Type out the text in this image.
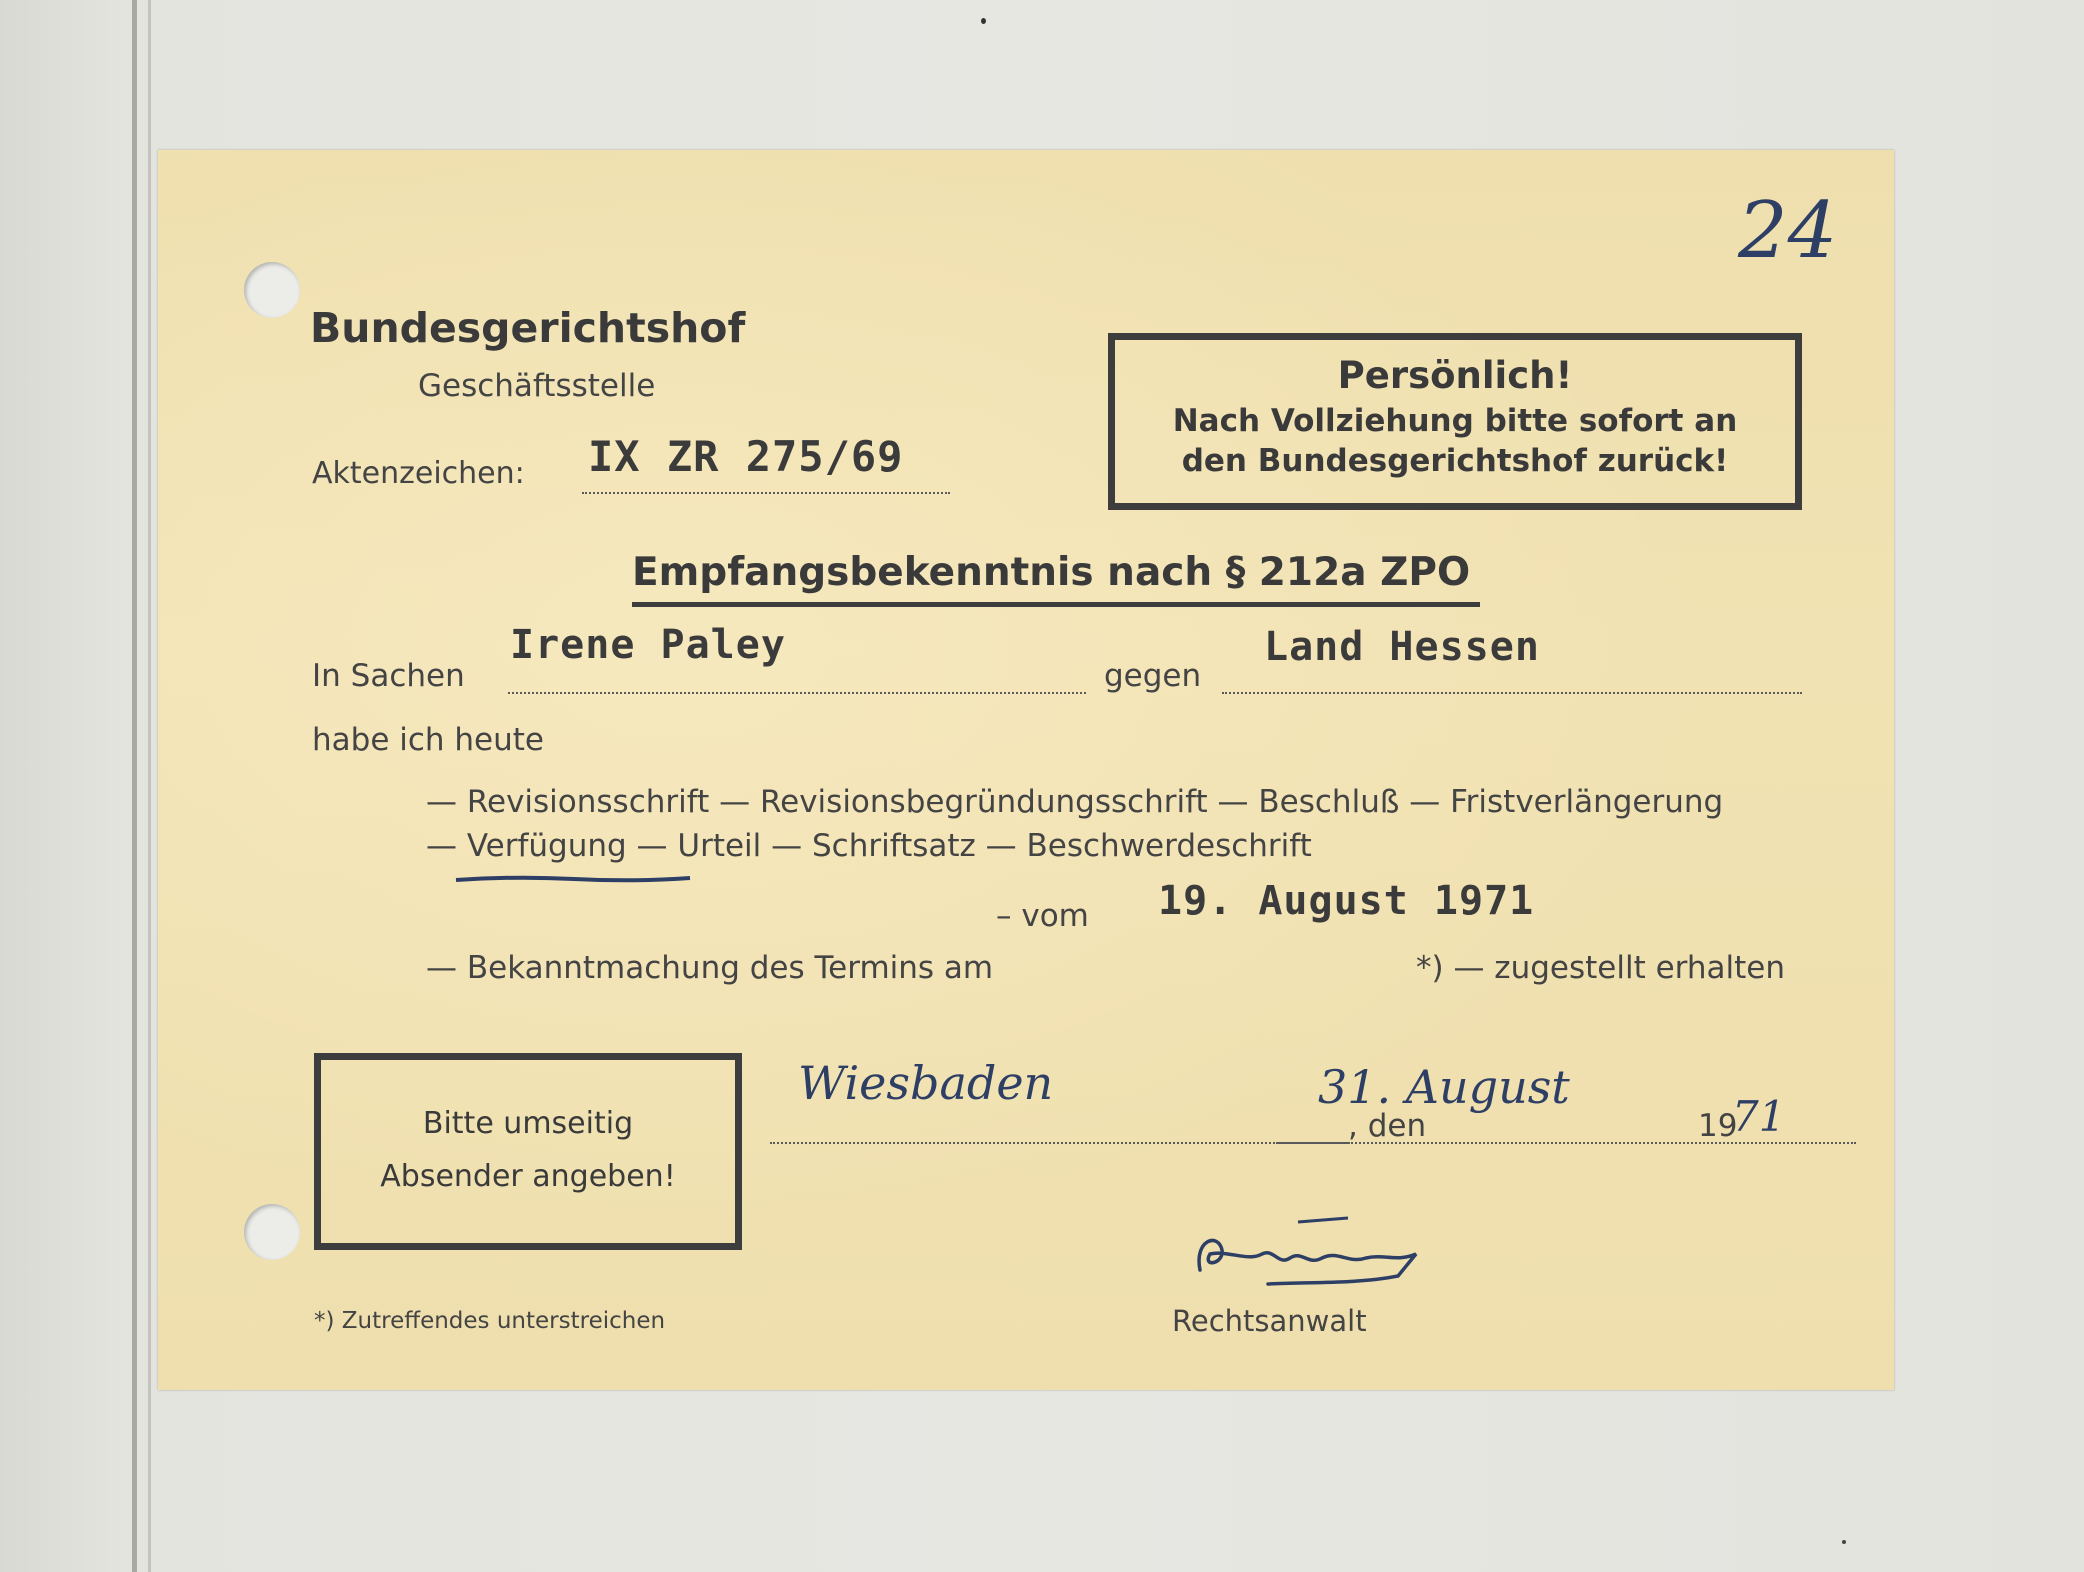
24
Bundesgerichtshof
Geschäftsstelle
Aktenzeichen: IX ZR 275/69
Persönlich!
Nach Vollziehung bitte sofort an
den Bundesgerichtshof zurück!
Empfangsbekenntnis nach § 212a ZPO
In Sachen
Irene Paley
gegen
Land Hessen
habe ich heute
— Revisionsschrift — Revisionsbegründungsschrift — Beschluß — Fristverlängerung
— Verfügung — Urteil — Schriftsatz — Beschwerdeschrift
– vom 19. August 1971
— Bekanntmachung des Termins am	*) — zugestellt erhalten
Bitte umseitig
Absender angeben!
Wiesbaden
, den
31. August
19
71
Rechtsanwalt
*) Zutreffendes unterstreichen
